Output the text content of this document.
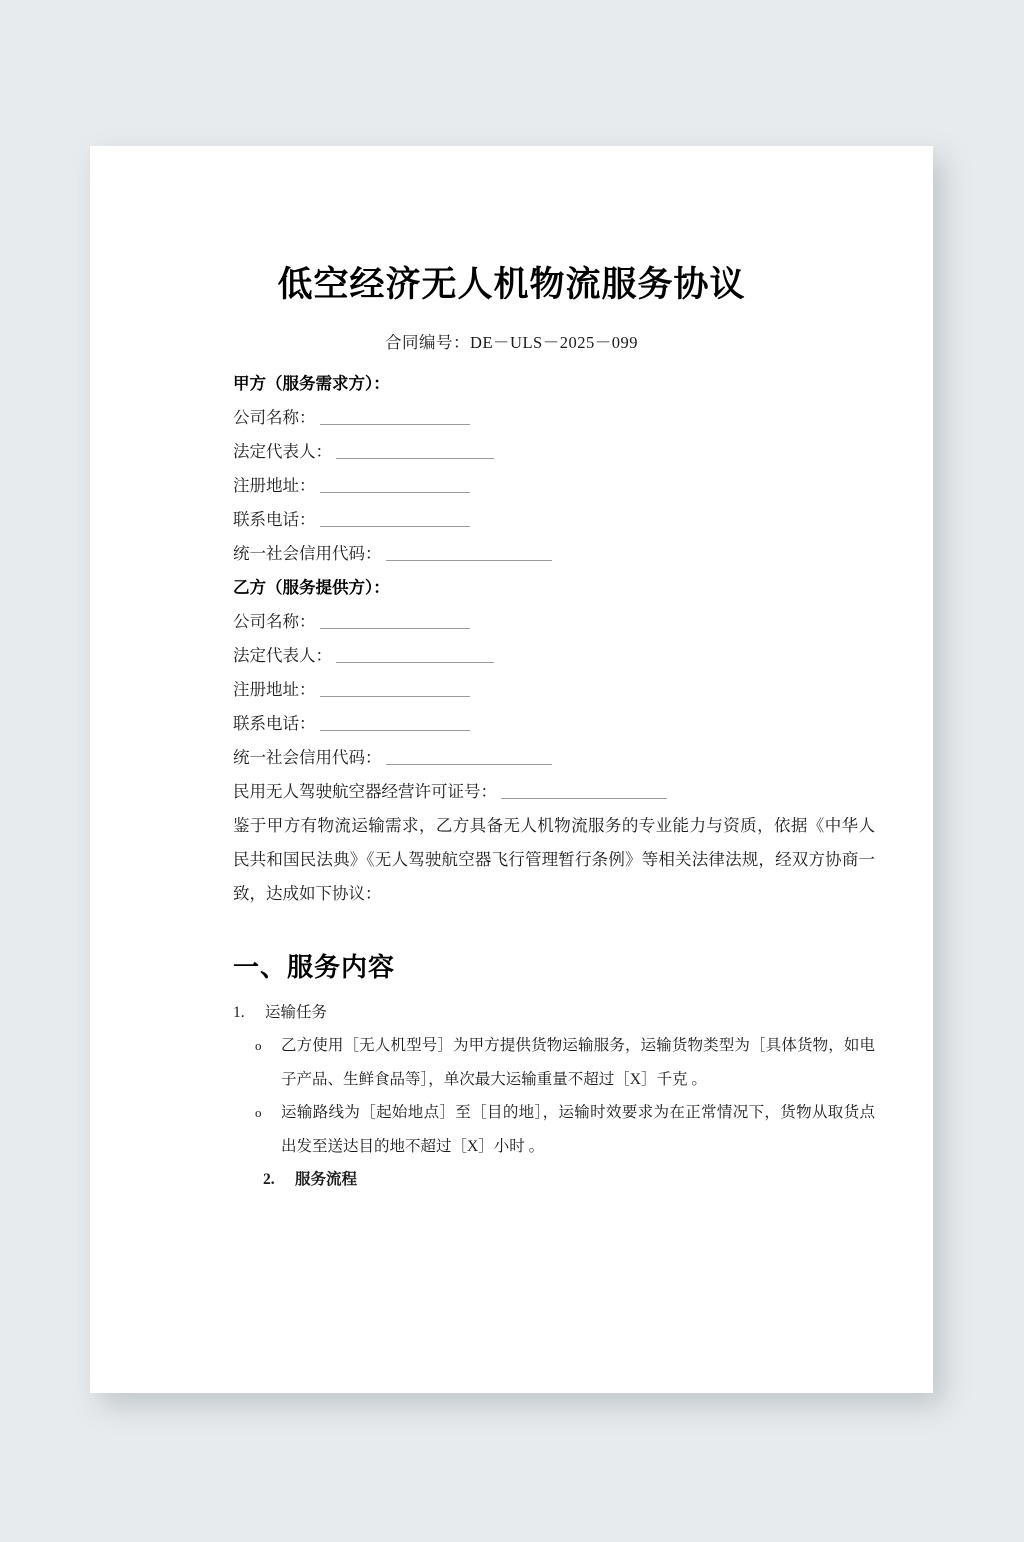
低空经济无人机物流服务协议

合同编号：DE－ULS－2025－099

甲方（服务需求方）：

公司名称：

法定代表人：

注册地址：

联系电话：

统一社会信用代码：

乙方（服务提供方）：

公司名称：

法定代表人：

注册地址：

联系电话：

统一社会信用代码：

民用无人驾驶航空器经营许可证号：

鉴于甲方有物流运输需求，乙方具备无人机物流服务的专业能力与资质，依据《中华人民共和国民法典》《无人驾驶航空器飞行管理暂行条例》等相关法律法规，经双方协商一致，达成如下协议：

一、服务内容
1.	运输任务
o 乙方使用［无人机型号］为甲方提供货物运输服务，运输货物类型为［具体货物，如电子产品、生鲜食品等］，单次最大运输重量不超过［X］千克 。
o 运输路线为［起始地点］至［目的地］，运输时效要求为在正常情况下，货物从取货点出发至送达目的地不超过［X］小时 。
2.	服务流程
